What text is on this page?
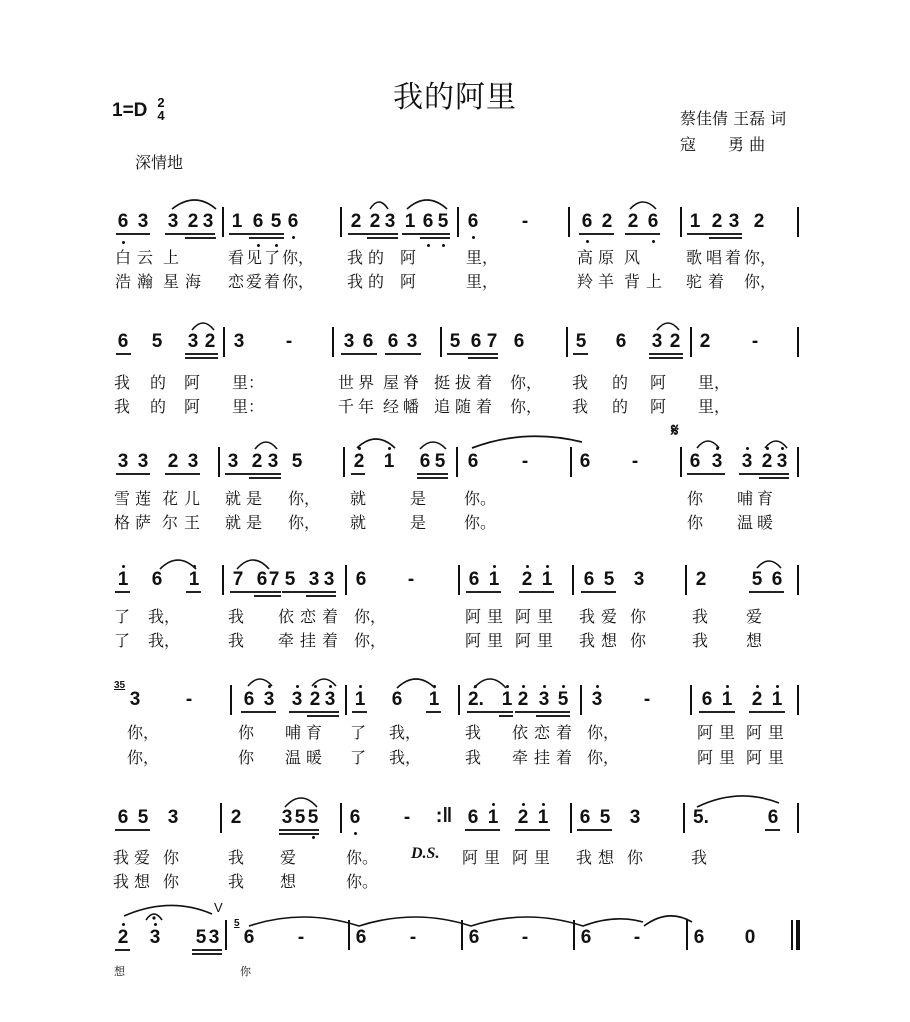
我的阿里
1=D 2
4	蔡佳倩 王磊 词
寇　　勇 曲
深情地
6 3 3 2 3 1 6 5 6	2 2 3 1 6 5 6 -	6 2 2 6 1 2 3 2
白 云 上	看 见 了 你， 我 的 阿	里，	高 原 风	歌 唱 着 你，
浩 瀚 星 海 恋 爱 着 你， 我 的 阿	里，	羚 羊 背 上 驼 着 你，
6 5 3 2 3 -	3 6 6 3 5 6 7 6	5 6 3 2 2 -
我 的 阿 里：	世 界 屋 脊 挺 拔 着 你， 我 的 阿 里，
我 的 阿 里：	千 年 经 幡 追 随 着 你， 我 的 阿 里，
3 3 2 3 3 2 3 5	2 1 6 5 6 -	6 -	6 3 3 2 3
𝄋
雪 莲 花 儿 就 是 你， 就	是 你。	你 哺 育
格 萨 尔 王 就 是 你， 就	是 你。	你 温 暖
1 6 1 7 6 7 5 3 3 6 -	6 1 2 1 6 5 3	2 5 6
了 我，	我 依 恋 着 你，	阿 里 阿 里 我 爱 你	我 爱
了 我，	我 牵 挂 着 你，	阿 里 阿 里 我 想 你	我 想
35
3 -	6 3 3 2 3 1 6 1 2. 1 2 3 5 3 -	6 1 2 1
你，	你 哺 育 了 我，	我 依 恋 着 你，	阿 里 阿 里
你，	你 温 暖 了 我，	我 牵 挂 着 你，	阿 里 阿 里
6 5 3	2 3 5 5 6 - :‖ 6 1 2 1 6 5 3	5.	6
我 爱 你	我 爱	你。 D.S. 阿 里 阿 里 我 想 你	我
我 想 你	我 想	你。
2 3 5 3
5
6 -	6 -	6 -	6 -	6 0
V
想	你
